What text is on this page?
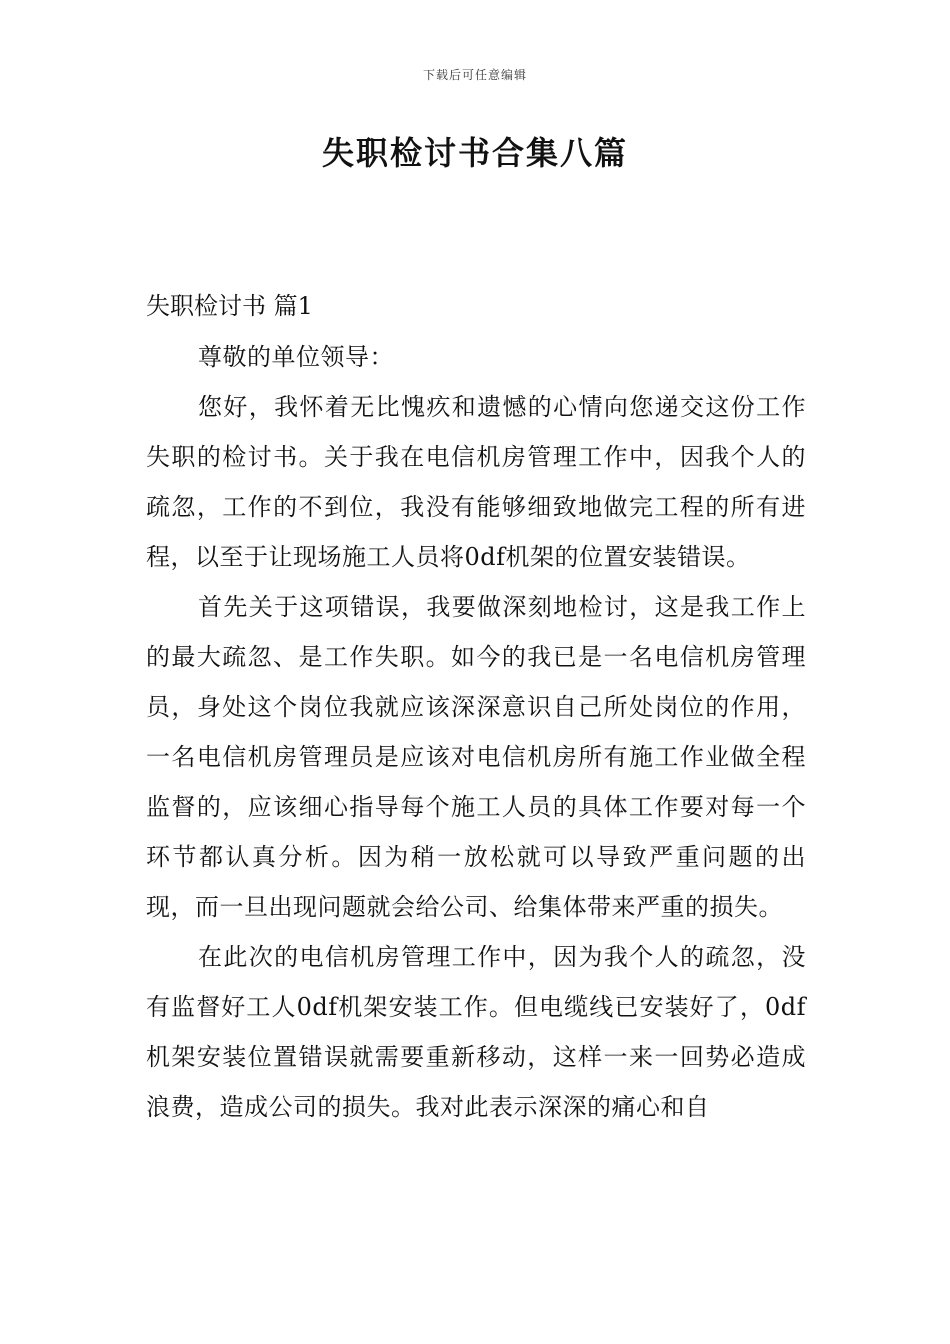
下载后可任意编辑
失职检讨书合集八篇
失职检讨书 篇1

尊敬的单位领导：

您好，我怀着无比愧疚和遗憾的心情向您递交这份工作失职的检讨书。关于我在电信机房管理工作中，因我个人的疏忽，工作的不到位，我没有能够细致地做完工程的所有进程，以至于让现场施工人员将0df机架的位置安装错误。

首先关于这项错误，我要做深刻地检讨，这是我工作上的最大疏忽、是工作失职。如今的我已是一名电信机房管理员，身处这个岗位我就应该深深意识自己所处岗位的作用，一名电信机房管理员是应该对电信机房所有施工作业做全程监督的，应该细心指导每个施工人员的具体工作要对每一个环节都认真分析。因为稍一放松就可以导致严重问题的出现，而一旦出现问题就会给公司、给集体带来严重的损失。

在此次的电信机房管理工作中，因为我个人的疏忽，没有监督好工人0df机架安装工作。但电缆线已安装好了，0df机架安装位置错误就需要重新移动，这样一来一回势必造成浪费，造成公司的损失。我对此表示深深的痛心和自
